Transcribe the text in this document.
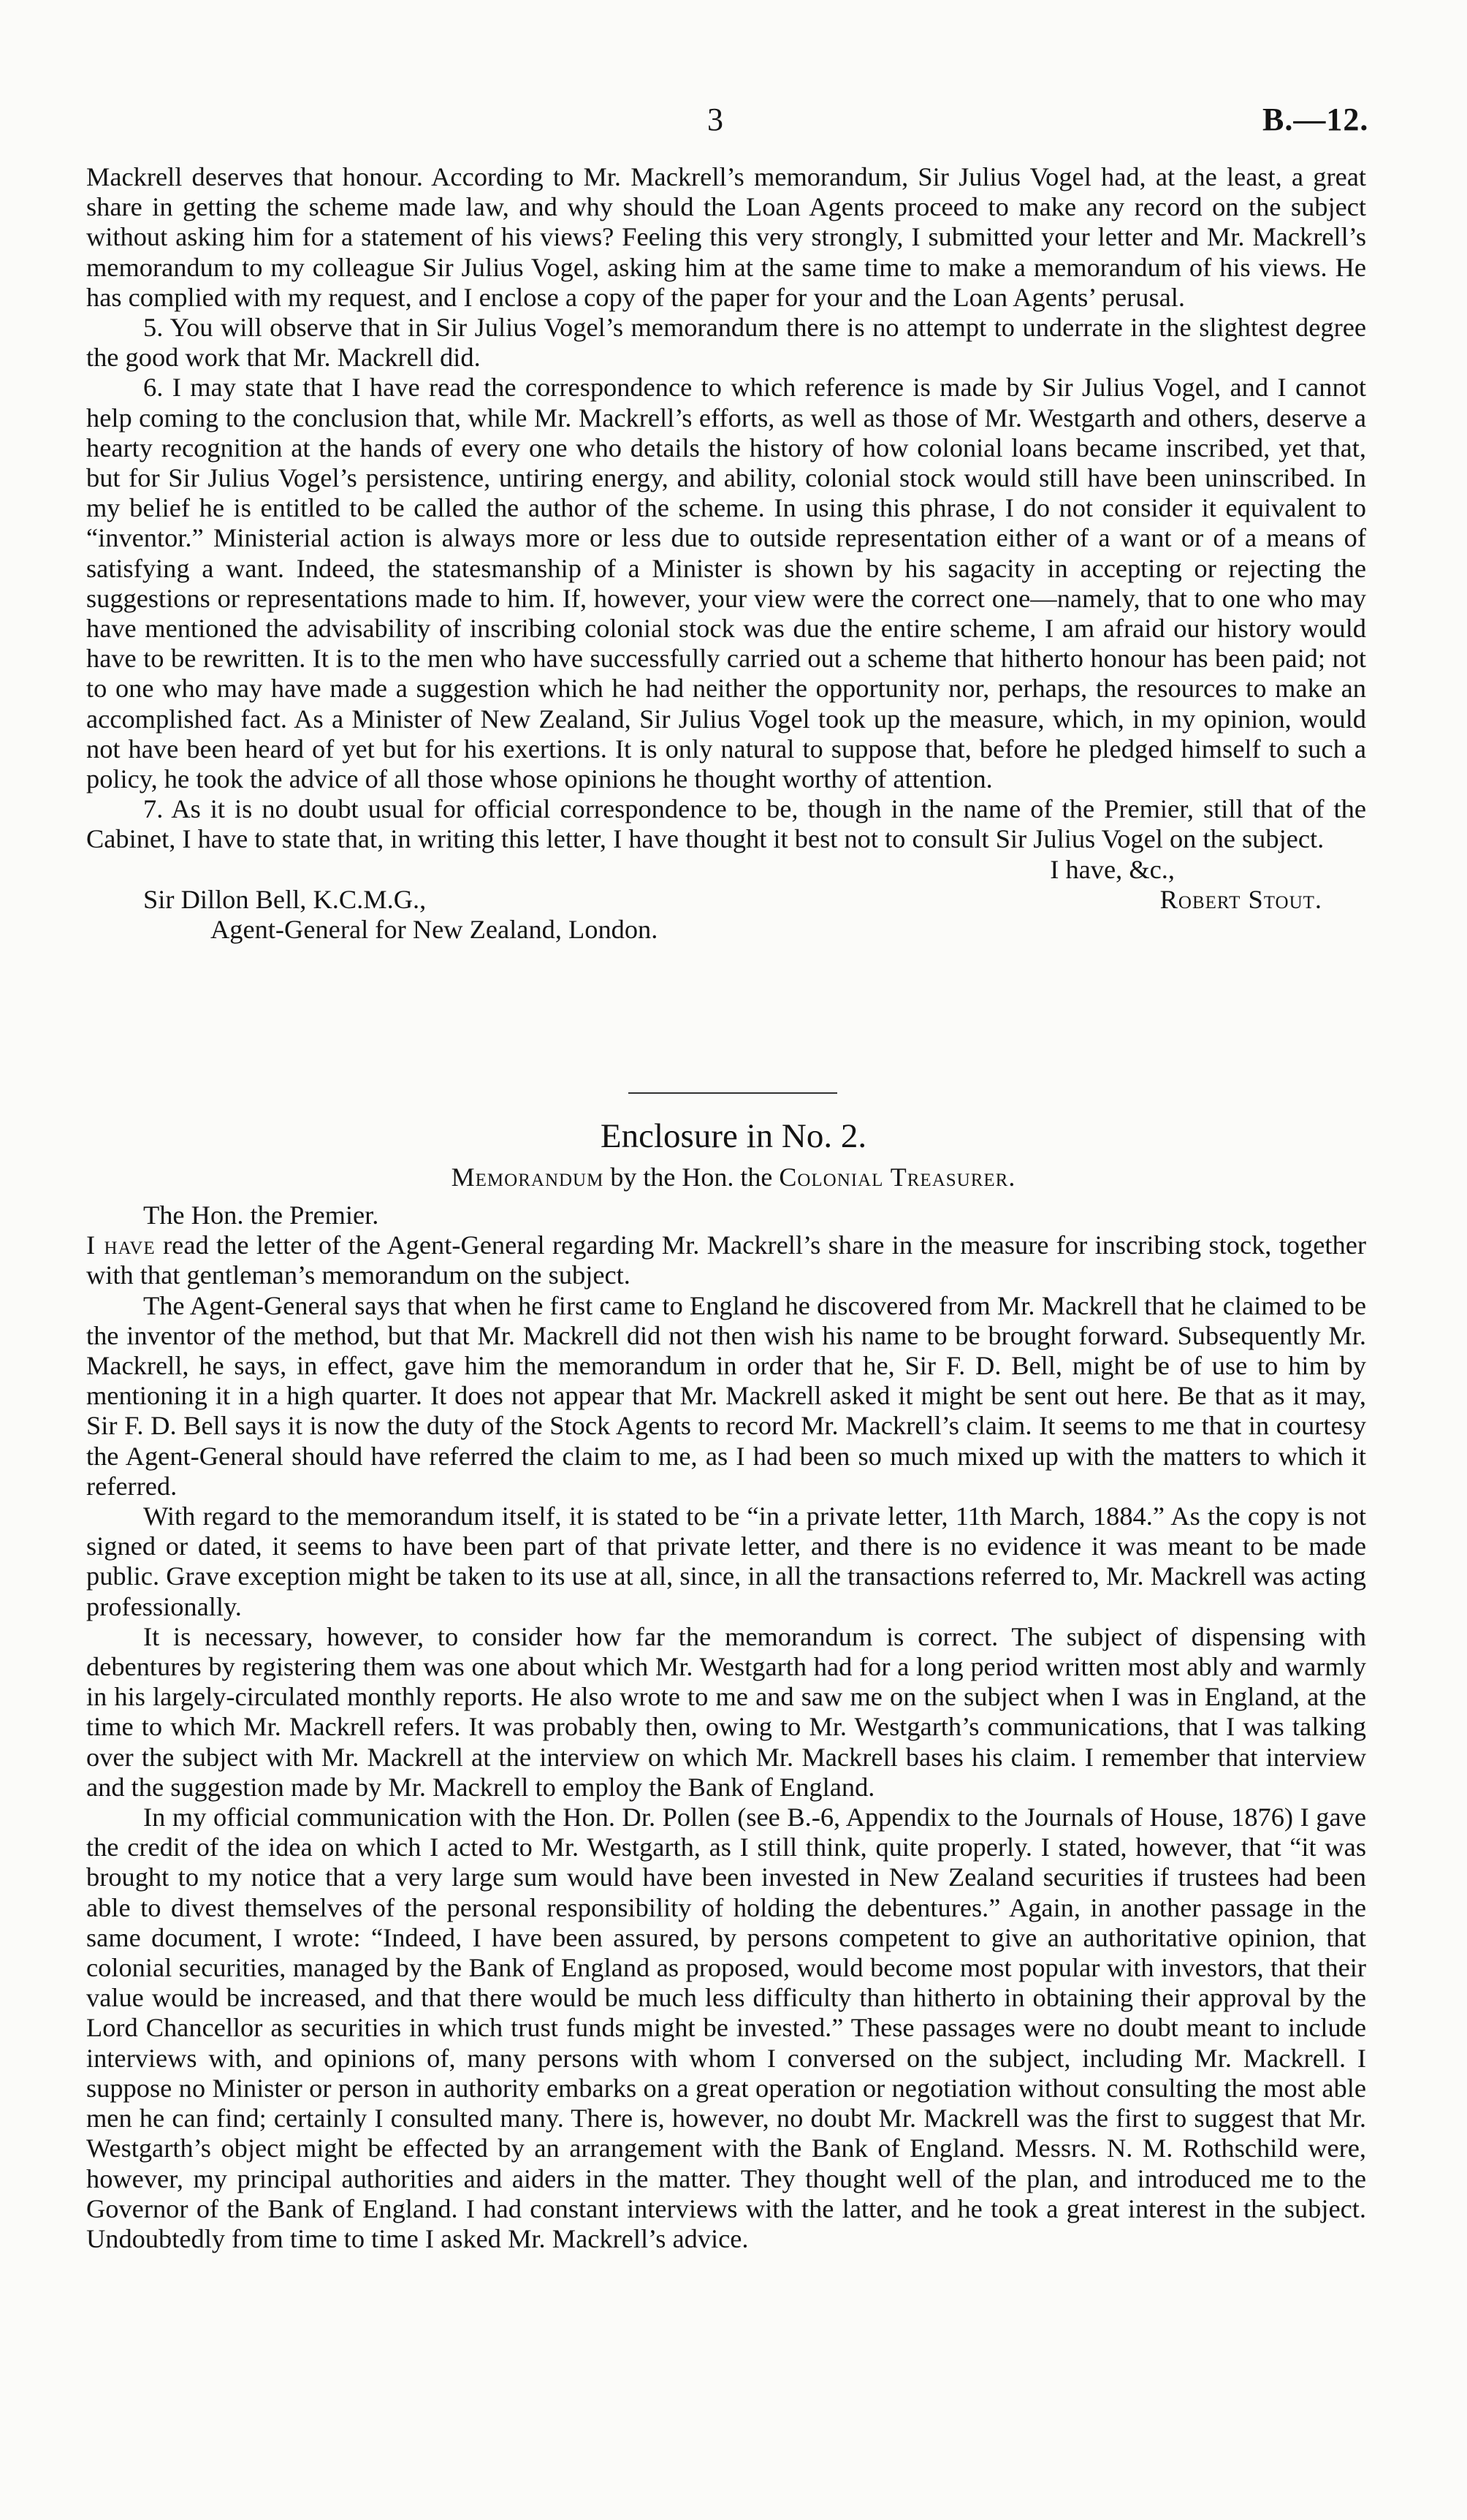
3	B.—12.

Mackrell deserves that honour. According to Mr. Mackrell’s memorandum, Sir Julius Vogel had, at the least, a great share in getting the scheme made law, and why should the Loan Agents proceed to make any record on the subject without asking him for a statement of his views? Feeling this very strongly, I submitted your letter and Mr. Mackrell’s memorandum to my colleague Sir Julius Vogel, asking him at the same time to make a memorandum of his views. He has complied with my request, and I enclose a copy of the paper for your and the Loan Agents’ perusal.

5. You will observe that in Sir Julius Vogel’s memorandum there is no attempt to underrate in the slightest degree the good work that Mr. Mackrell did.

6. I may state that I have read the correspondence to which reference is made by Sir Julius Vogel, and I cannot help coming to the conclusion that, while Mr. Mackrell’s efforts, as well as those of Mr. Westgarth and others, deserve a hearty recognition at the hands of every one who details the history of how colonial loans became inscribed, yet that, but for Sir Julius Vogel’s persistence, untiring energy, and ability, colonial stock would still have been uninscribed. In my belief he is entitled to be called the author of the scheme. In using this phrase, I do not consider it equivalent to “inventor.” Ministerial action is always more or less due to outside representation either of a want or of a means of satisfying a want. Indeed, the statesmanship of a Minister is shown by his sagacity in accepting or rejecting the suggestions or representations made to him. If, however, your view were the correct one—namely, that to one who may have mentioned the advisability of inscribing colonial stock was due the entire scheme, I am afraid our history would have to be rewritten. It is to the men who have successfully carried out a scheme that hitherto honour has been paid; not to one who may have made a suggestion which he had neither the opportunity nor, perhaps, the resources to make an accomplished fact. As a Minister of New Zealand, Sir Julius Vogel took up the measure, which, in my opinion, would not have been heard of yet but for his exertions. It is only natural to suppose that, before he pledged himself to such a policy, he took the advice of all those whose opinions he thought worthy of attention.

7. As it is no doubt usual for official correspondence to be, though in the name of the Premier, still that of the Cabinet, I have to state that, in writing this letter, I have thought it best not to consult Sir Julius Vogel on the subject.

I have, &c.,
Sir Dillon Bell, K.C.M.G.,	Robert Stout.
Agent-General for New Zealand, London.
Enclosure in No. 2.
Memorandum by the Hon. the Colonial Treasurer.
The Hon. the Premier.

I have read the letter of the Agent-General regarding Mr. Mackrell’s share in the measure for inscribing stock, together with that gentleman’s memorandum on the subject.

The Agent-General says that when he first came to England he discovered from Mr. Mackrell that he claimed to be the inventor of the method, but that Mr. Mackrell did not then wish his name to be brought forward. Subsequently Mr. Mackrell, he says, in effect, gave him the memorandum in order that he, Sir F. D. Bell, might be of use to him by mentioning it in a high quarter. It does not appear that Mr. Mackrell asked it might be sent out here. Be that as it may, Sir F. D. Bell says it is now the duty of the Stock Agents to record Mr. Mackrell’s claim. It seems to me that in courtesy the Agent-General should have referred the claim to me, as I had been so much mixed up with the matters to which it referred.

With regard to the memorandum itself, it is stated to be “in a private letter, 11th March, 1884.” As the copy is not signed or dated, it seems to have been part of that private letter, and there is no evidence it was meant to be made public. Grave exception might be taken to its use at all, since, in all the transactions referred to, Mr. Mackrell was acting professionally.

It is necessary, however, to consider how far the memorandum is correct. The subject of dispensing with debentures by registering them was one about which Mr. Westgarth had for a long period written most ably and warmly in his largely-circulated monthly reports. He also wrote to me and saw me on the subject when I was in England, at the time to which Mr. Mackrell refers. It was probably then, owing to Mr. Westgarth’s communications, that I was talking over the subject with Mr. Mackrell at the interview on which Mr. Mackrell bases his claim. I remember that interview and the suggestion made by Mr. Mackrell to employ the Bank of England.

In my official communication with the Hon. Dr. Pollen (see B.-6, Appendix to the Journals of House, 1876) I gave the credit of the idea on which I acted to Mr. Westgarth, as I still think, quite properly. I stated, however, that “it was brought to my notice that a very large sum would have been invested in New Zealand securities if trustees had been able to divest themselves of the personal responsibility of holding the debentures.” Again, in another passage in the same document, I wrote: “Indeed, I have been assured, by persons competent to give an authoritative opinion, that colonial securities, managed by the Bank of England as proposed, would become most popular with investors, that their value would be increased, and that there would be much less difficulty than hitherto in obtaining their approval by the Lord Chancellor as securities in which trust funds might be invested.” These passages were no doubt meant to include interviews with, and opinions of, many persons with whom I conversed on the subject, including Mr. Mackrell. I suppose no Minister or person in authority embarks on a great operation or negotiation without consulting the most able men he can find; certainly I consulted many. There is, however, no doubt Mr. Mackrell was the first to suggest that Mr. Westgarth’s object might be effected by an arrangement with the Bank of England. Messrs. N. M. Rothschild were, however, my principal authorities and aiders in the matter. They thought well of the plan, and introduced me to the Governor of the Bank of England. I had constant interviews with the latter, and he took a great interest in the subject. Undoubtedly from time to time I asked Mr. Mackrell’s advice.
